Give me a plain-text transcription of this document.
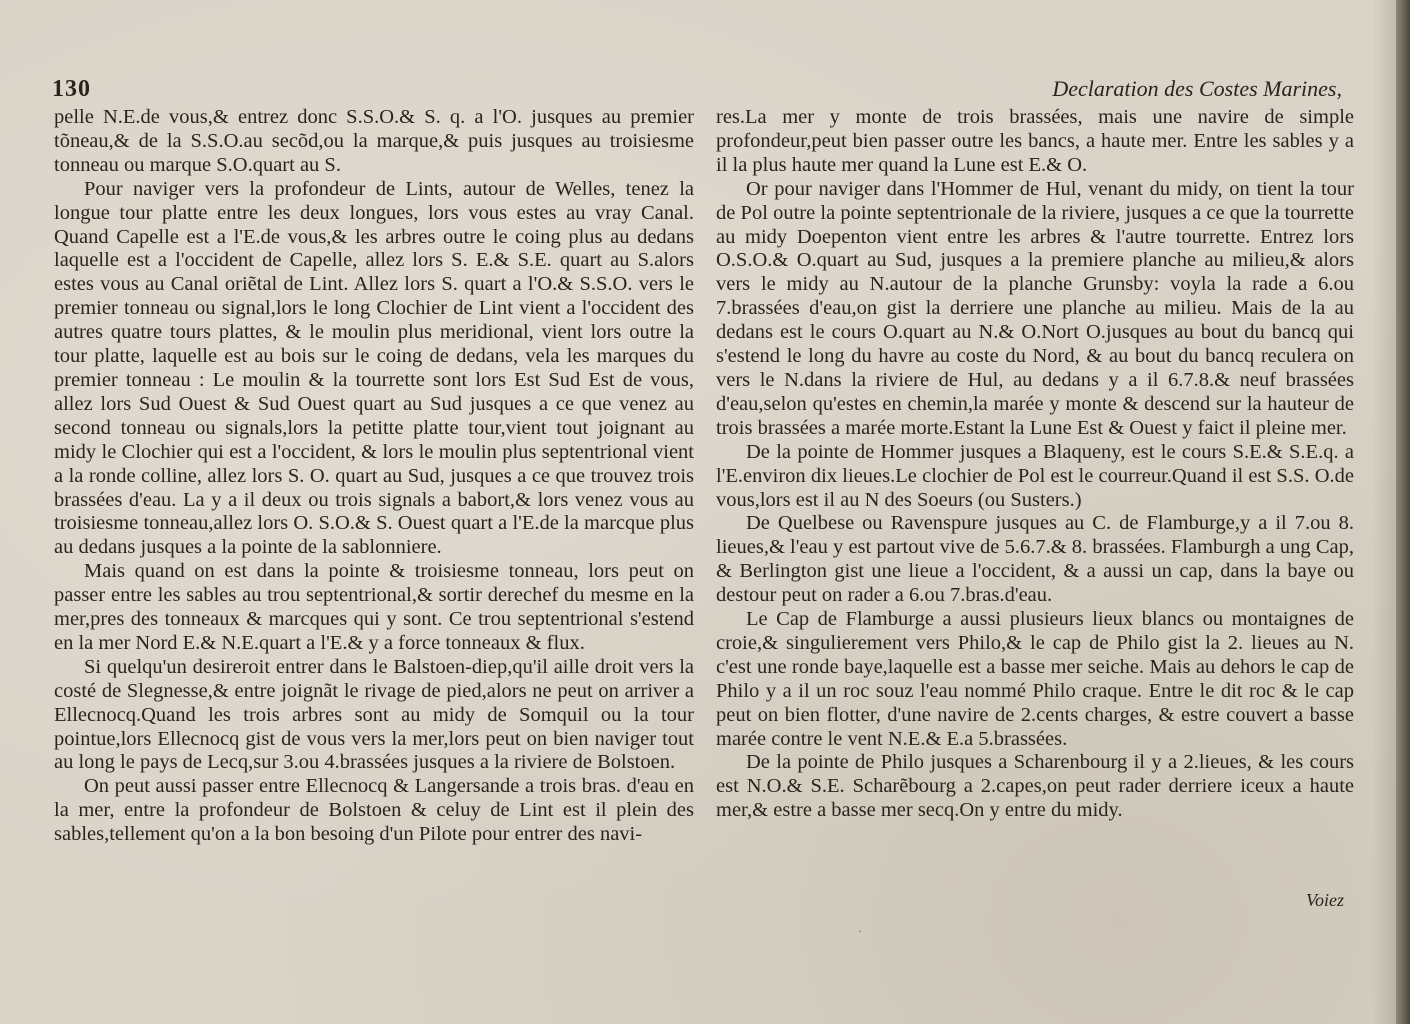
130	Declaration des Costes Marines,

pelle N.E.de vous,& entrez donc S.S.O.& S. q. a l'O. jusques au premier tõneau,& de la S.S.O.au secõd,ou la marque,& puis jusques au troisiesme tonneau ou marque S.O.quart au S.

Pour naviger vers la profondeur de Lints, autour de Welles, tenez la longue tour platte entre les deux longues, lors vous estes au vray Canal. Quand Capelle est a l'E.de vous,& les arbres outre le coing plus au dedans laquelle est a l'occident de Capelle, allez lors S. E.& S.E. quart au S.alors estes vous au Canal oriẽtal de Lint. Allez lors S. quart a l'O.& S.S.O. vers le premier tonneau ou signal,lors le long Clochier de Lint vient a l'occident des autres quatre tours plattes, & le moulin plus meridional, vient lors outre la tour platte, laquelle est au bois sur le coing de dedans, vela les marques du premier tonneau : Le moulin & la tourrette sont lors Est Sud Est de vous, allez lors Sud Ouest & Sud Ouest quart au Sud jusques a ce que venez au second tonneau ou signals,lors la petitte platte tour,vient tout joignant au midy le Clochier qui est a l'occident, & lors le moulin plus septentrional vient a la ronde colline, allez lors S. O. quart au Sud, jusques a ce que trouvez trois brassées d'eau. La y a il deux ou trois signals a babort,& lors venez vous au troisiesme tonneau,allez lors O. S.O.& S. Ouest quart a l'E.de la marcque plus au dedans jusques a la pointe de la sablonniere.

Mais quand on est dans la pointe & troisiesme tonneau, lors peut on passer entre les sables au trou septentrional,& sortir derechef du mesme en la mer,pres des tonneaux & marcques qui y sont. Ce trou septentrional s'estend en la mer Nord E.& N.E.quart a l'E.& y a force tonneaux & flux.

Si quelqu'un desireroit entrer dans le Balstoen-diep,qu'il aille droit vers la costé de Slegnesse,& entre joignãt le rivage de pied,alors ne peut on arriver a Ellecnocq.Quand les trois arbres sont au midy de Somquil ou la tour pointue,lors Ellecnocq gist de vous vers la mer,lors peut on bien naviger tout au long le pays de Lecq,sur 3.ou 4.brassées jusques a la riviere de Bolstoen.

On peut aussi passer entre Ellecnocq & Langersande a trois bras. d'eau en la mer, entre la profondeur de Bolstoen & celuy de Lint est il plein des sables,tellement qu'on a la bon besoing d'un Pilote pour entrer des navi-

res.La mer y monte de trois brassées, mais une navire de simple profondeur,peut bien passer outre les bancs, a haute mer. Entre les sables y a il la plus haute mer quand la Lune est E.& O.

Or pour naviger dans l'Hommer de Hul, venant du midy, on tient la tour de Pol outre la pointe septentrionale de la riviere, jusques a ce que la tourrette au midy Doepenton vient entre les arbres & l'autre tourrette. Entrez lors O.S.O.& O.quart au Sud, jusques a la premiere planche au milieu,& alors vers le midy au N.autour de la planche Grunsby: voyla la rade a 6.ou 7.brassées d'eau,on gist la derriere une planche au milieu. Mais de la au dedans est le cours O.quart au N.& O.Nort O.jusques au bout du bancq qui s'estend le long du havre au coste du Nord, & au bout du bancq reculera on vers le N.dans la riviere de Hul, au dedans y a il 6.7.8.& neuf brassées d'eau,selon qu'estes en chemin,la marée y monte & descend sur la hauteur de trois brassées a marée morte.Estant la Lune Est & Ouest y faict il pleine mer.

De la pointe de Hommer jusques a Blaqueny, est le cours S.E.& S.E.q. a l'E.environ dix lieues.Le clochier de Pol est le courreur.Quand il est S.S. O.de vous,lors est il au N des Soeurs (ou Susters.)

De Quelbese ou Ravenspure jusques au C. de Flamburge,y a il 7.ou 8. lieues,& l'eau y est partout vive de 5.6.7.& 8. brassées. Flamburgh a ung Cap, & Berlington gist une lieue a l'occident, & a aussi un cap, dans la baye ou destour peut on rader a 6.ou 7.bras.d'eau.

Le Cap de Flamburge a aussi plusieurs lieux blancs ou montaignes de croie,& singulierement vers Philo,& le cap de Philo gist la 2. lieues au N. c'est une ronde baye,laquelle est a basse mer seiche. Mais au dehors le cap de Philo y a il un roc souz l'eau nommé Philo craque. Entre le dit roc & le cap peut on bien flotter, d'une navire de 2.cents charges, & estre couvert a basse marée contre le vent N.E.& E.a 5.brassées.

De la pointe de Philo jusques a Scharenbourg il y a 2.lieues, & les cours est N.O.& S.E. Scharẽbourg a 2.capes,on peut rader derriere iceux a haute mer,& estre a basse mer secq.On y entre du midy.

Voiez
·
